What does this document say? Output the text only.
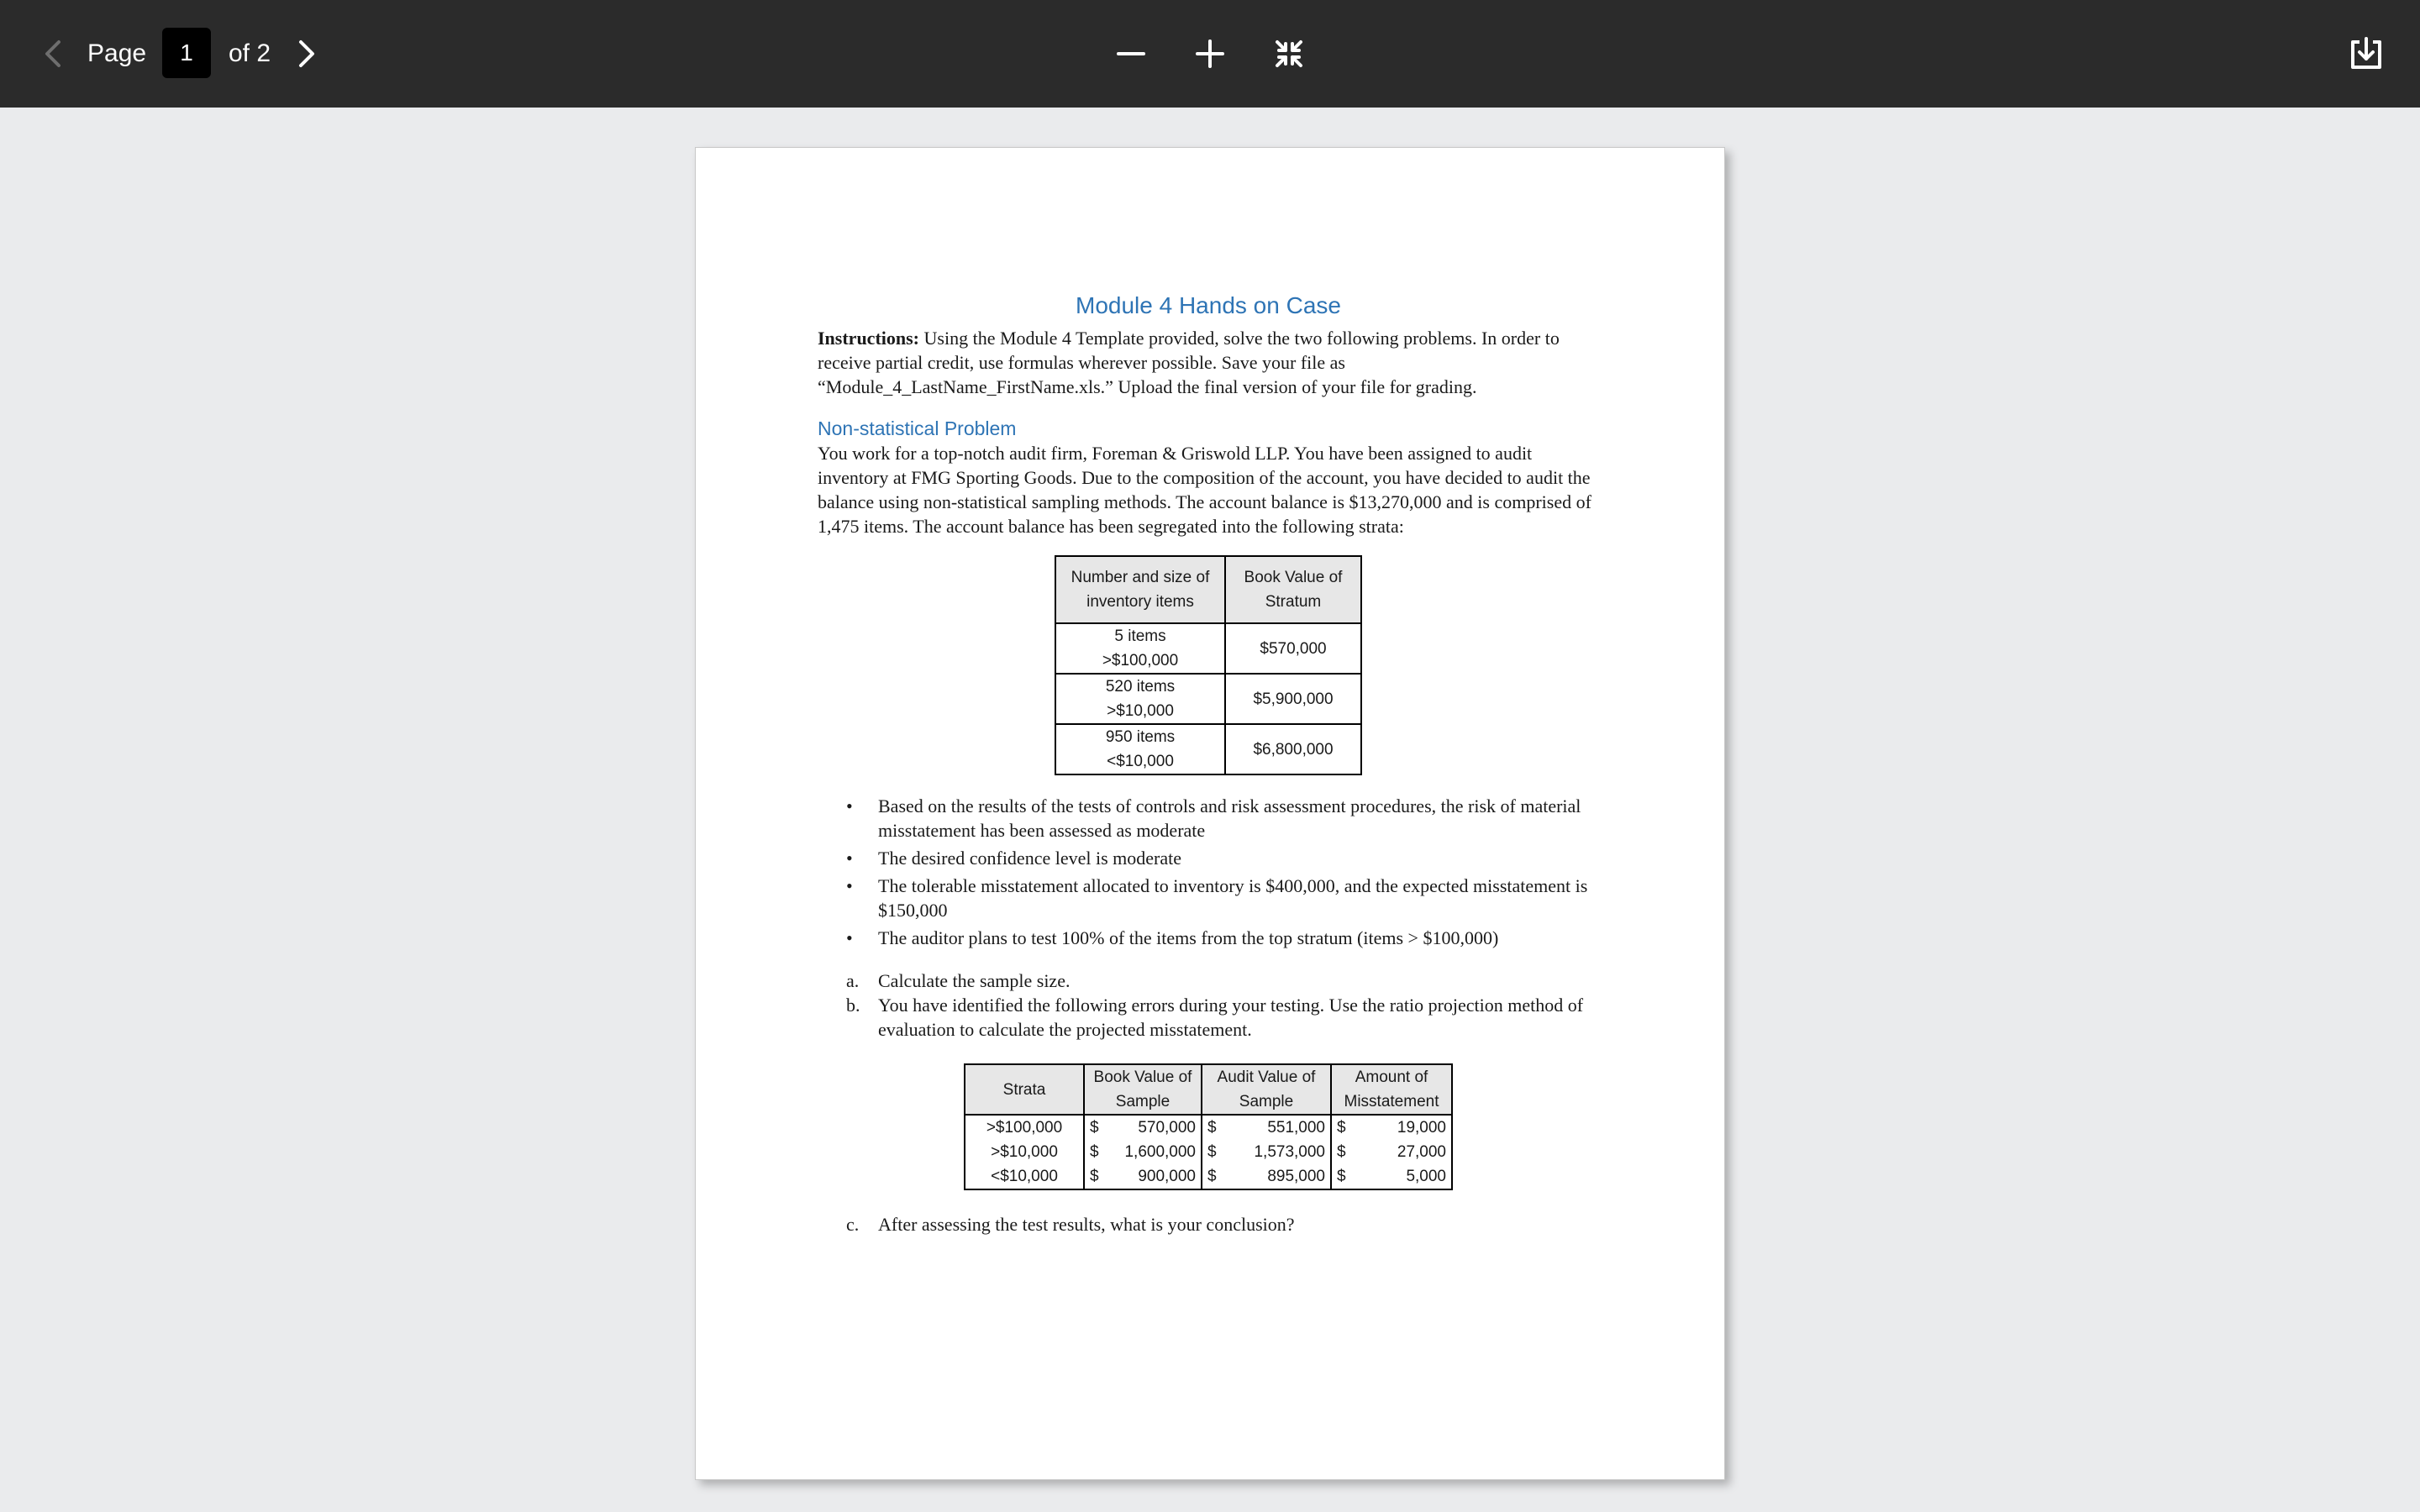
Page
1	of 2
Module 4 Hands on Case

Instructions: Using the Module 4 Template provided, solve the two following problems. In order to receive partial credit, use formulas wherever possible. Save your file as “Module_4_LastName_FirstName.xls.” Upload the final version of your file for grading.

Non-statistical Problem

You work for a top-notch audit firm, Foreman & Griswold LLP. You have been assigned to audit inventory at FMG Sporting Goods. Due to the composition of the account, you have decided to audit the balance using non-statistical sampling methods. The account balance is $13,270,000 and is comprised of 1,475 items. The account balance has been segregated into the following strata:

Number and size of inventory items	Book Value of Stratum
5 items
>$100,000	$570,000
520 items
>$10,000	$5,900,000
950 items
<$10,000	$6,800,000
• Based on the results of the tests of controls and risk assessment procedures, the risk of material misstatement has been assessed as moderate
• The desired confidence level is moderate
• The tolerable misstatement allocated to inventory is $400,000, and the expected misstatement is $150,000
• The auditor plans to test 100% of the items from the top stratum (items > $100,000)
a. Calculate the sample size.
b. You have identified the following errors during your testing. Use the ratio projection method of evaluation to calculate the projected misstatement.
Strata	Book Value of Sample		Audit Value of Sample		Amount of Misstatement	
>$100,000	$	570,000	$	551,000	$	19,000
>$10,000	$	1,600,000	$	1,573,000	$	27,000
<$10,000	$	900,000	$	895,000	$	5,000
c. After assessing the test results, what is your conclusion?
